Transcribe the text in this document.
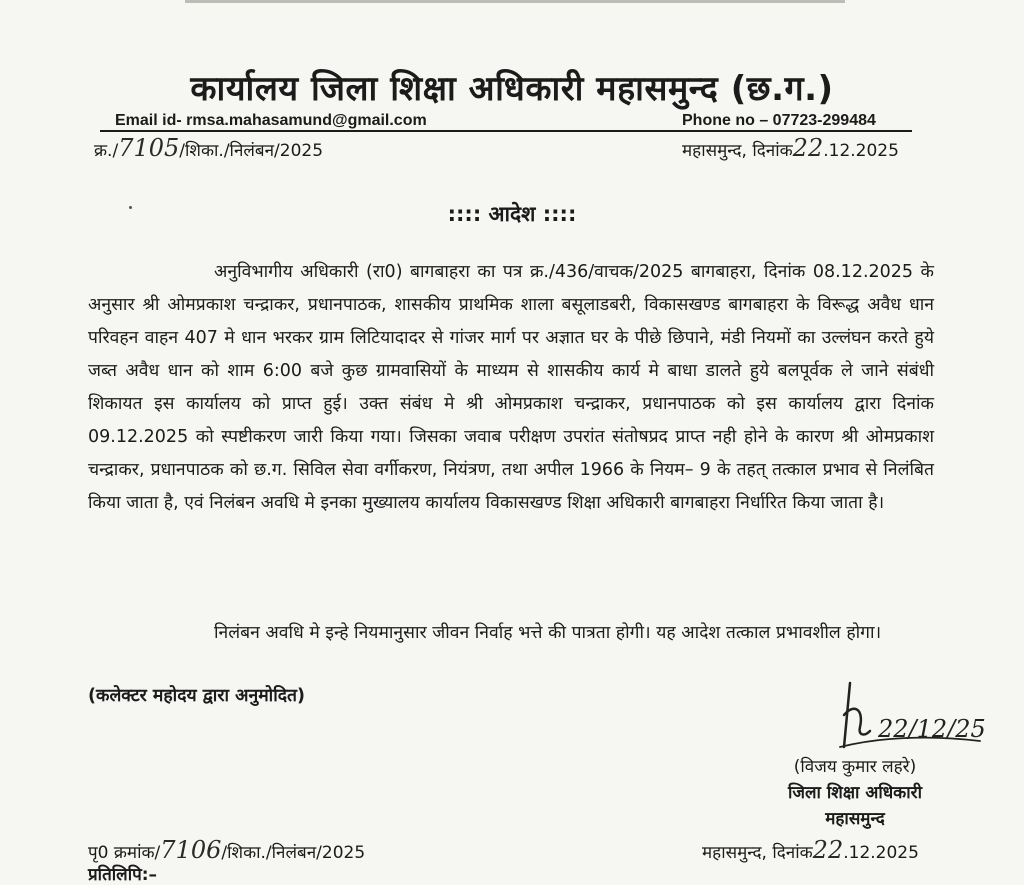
कार्यालय जिला शिक्षा अधिकारी महासमुन्द (छ.ग.)
Email id- rmsa.mahasamund@gmail.com	Phone no – 07723-299484
क्र./7105/शिका./निलंबन/2025	महासमुन्द, दिनांक22.12.2025
:::: आदेश ::::

अनुविभागीय अधिकारी (रा0) बागबाहरा का पत्र क्र./436/वाचक/2025 बागबाहरा, दिनांक 08.12.2025 के अनुसार श्री ओमप्रकाश चन्द्राकर, प्रधानपाठक, शासकीय प्राथमिक शाला बसूलाडबरी, विकासखण्ड बागबाहरा के विरूद्ध अवैध धान परिवहन वाहन 407 मे धान भरकर ग्राम लिटियादादर से गांजर मार्ग पर अज्ञात घर के पीछे छिपाने, मंडी नियमों का उल्लंघन करते हुये जब्त अवैध धान को शाम 6:00 बजे कुछ ग्रामवासियों के माध्यम से शासकीय कार्य मे बाधा डालते हुये बलपूर्वक ले जाने संबंधी शिकायत इस कार्यालय को प्राप्त हुई। उक्त संबंध मे श्री ओमप्रकाश चन्द्राकर, प्रधानपाठक को इस कार्यालय द्वारा दिनांक 09.12.2025 को स्पष्टीकरण जारी किया गया। जिसका जवाब परीक्षण उपरांत संतोषप्रद प्राप्त नही होने के कारण श्री ओमप्रकाश चन्द्राकर, प्रधानपाठक को छ.ग. सिविल सेवा वर्गीकरण, नियंत्रण, तथा अपील 1966 के नियम– 9 के तहत् तत्काल प्रभाव से निलंबित किया जाता है, एवं निलंबन अवधि मे इनका मुख्यालय कार्यालय विकासखण्ड शिक्षा अधिकारी बागबाहरा निर्धारित किया जाता है।

निलंबन अवधि मे इन्हे नियमानुसार जीवन निर्वाह भत्ते की पात्रता होगी। यह आदेश तत्काल प्रभावशील होगा।

(कलेक्टर महोदय द्वारा अनुमोदित)
22/12/25
(विजय कुमार लहरे)
जिला शिक्षा अधिकारी
महासमुन्द
पृ0 क्रमांक/7106/शिका./निलंबन/2025	महासमुन्द, दिनांक22.12.2025
प्रतिलिपि:–
